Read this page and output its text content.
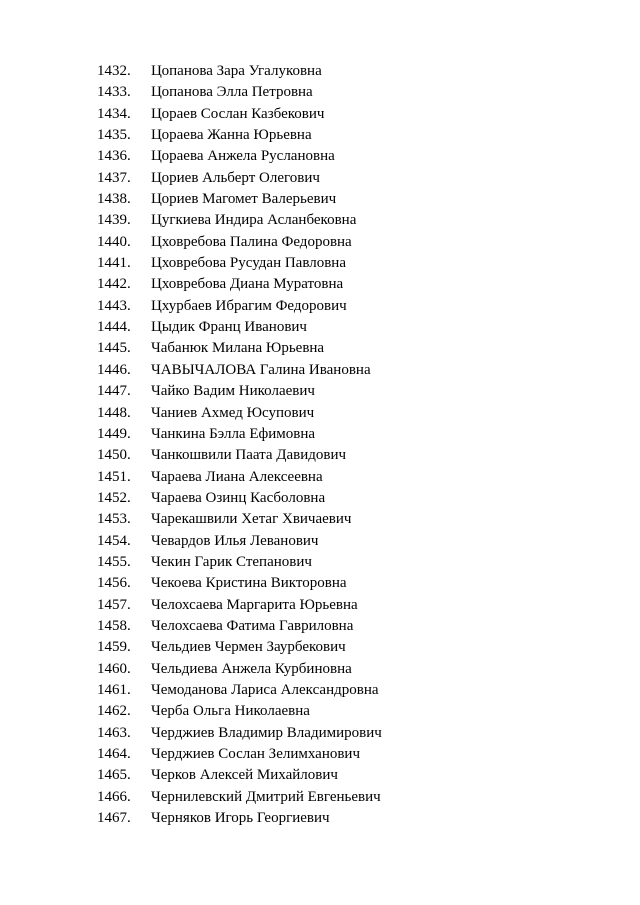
1432. Цопанова Зара Угалуковна
1433. Цопанова Элла Петровна
1434. Цораев Сослан Казбекович
1435. Цораева Жанна Юрьевна
1436. Цораева Анжела Руслановна
1437. Цориев Альберт Олегович
1438. Цориев Магомет Валерьевич
1439. Цугкиева Индира Асланбековна
1440. Цховребова Палина Федоровна
1441. Цховребова Русудан Павловна
1442. Цховребова Диана Муратовна
1443. Цхурбаев Ибрагим Федорович
1444. Цыдик Франц Иванович
1445. Чабанюк Милана Юрьевна
1446. ЧАВЫЧАЛОВА Галина Ивановна
1447. Чайко Вадим Николаевич
1448. Чаниев Ахмед Юсупович
1449. Чанкина Бэлла Ефимовна
1450. Чанкошвили Паата Давидович
1451. Чараева Лиана Алексеевна
1452. Чараева Озинц Касболовна
1453. Чарекашвили Хетаг Хвичаевич
1454. Чевардов Илья Леванович
1455. Чекин Гарик Степанович
1456. Чекоева Кристина Викторовна
1457. Челохсаева Маргарита Юрьевна
1458. Челохсаева Фатима Гавриловна
1459. Чельдиев Чермен Заурбекович
1460. Чельдиева Анжела Курбиновна
1461. Чемоданова Лариса Александровна
1462. Черба Ольга Николаевна
1463. Черджиев Владимир Владимирович
1464. Черджиев Сослан Зелимханович
1465. Черков Алексей Михайлович
1466. Чернилевский Дмитрий Евгеньевич
1467. Черняков Игорь Георгиевич
